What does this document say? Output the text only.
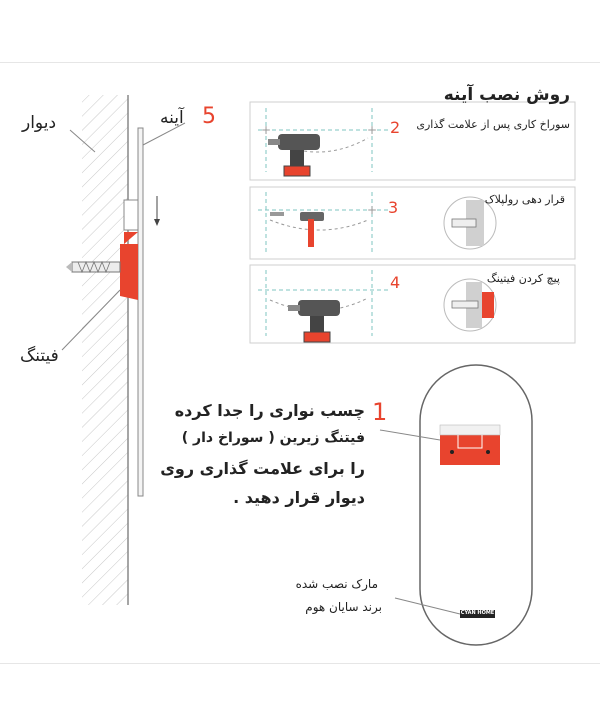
+	+
+
روش نصب آینه
دیوار	5
آینه
فیتنگ
2 سوراخ کاری پس از علامت گذاری
3	قرار دهی رولپلاک
4	پیچ کردن فیتینگ
1
چسب نواری را جدا کرده
فیتنگ زیرین ( سوراخ دار )
را برای علامت گذاری روی
دیوار قرار دهید .
مارک نصب شده
برند سایان هوم	CYAN HOME
